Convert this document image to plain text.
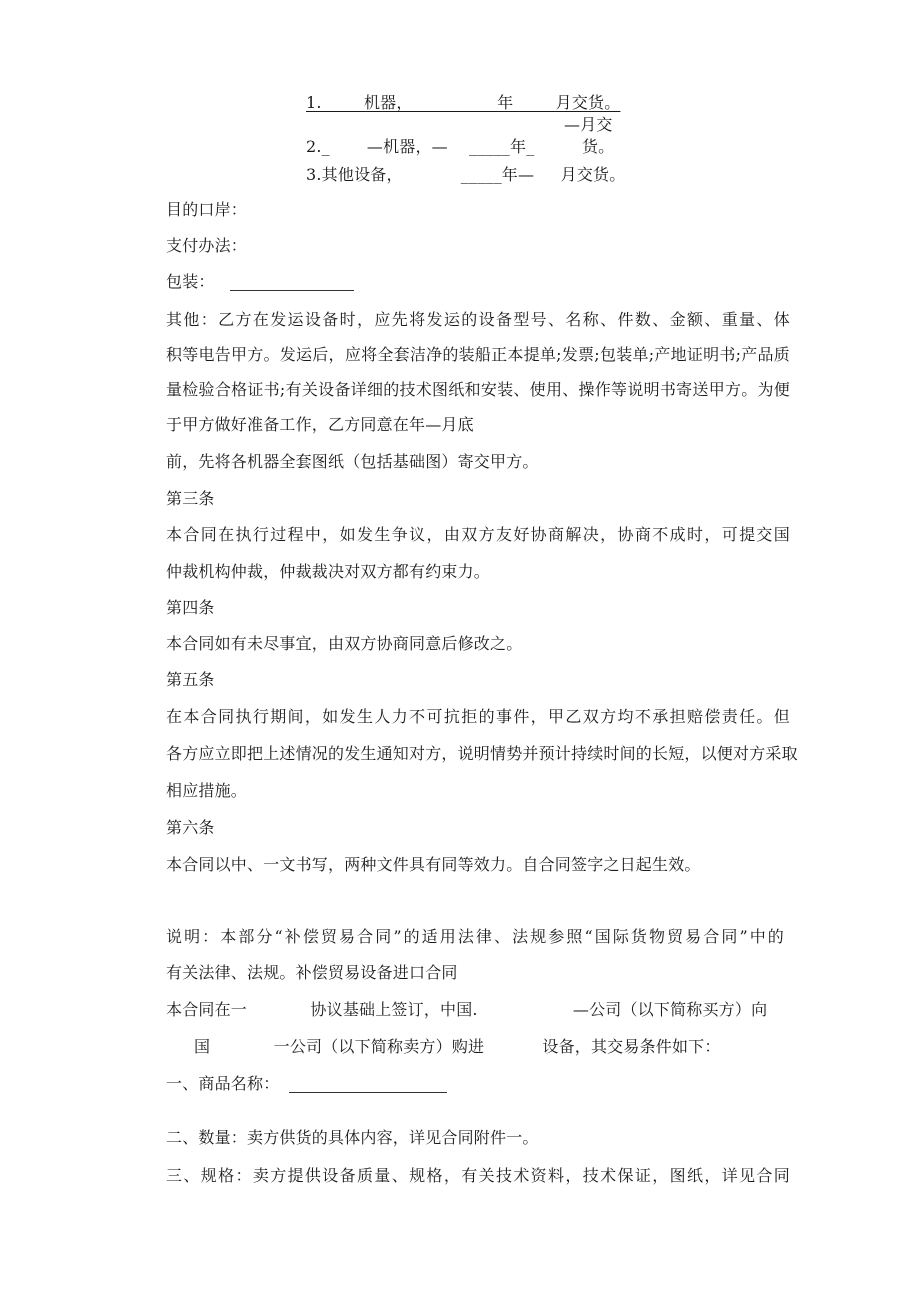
1.        机器，                年        月交货。
—月交
2._       —机器，—    _____年_         货。
3.其他设备，           _____年—     月交货。
目的口岸：
支付办法：
包装：
其他：乙方在发运设备时，应先将发运的设备型号、名称、件数、金额、重量、体
积等电告甲方。发运后，应将全套洁净的装船正本提单;发票;包装单;产地证明书;产品质
量检验合格证书;有关设备详细的技术图纸和安装、使用、操作等说明书寄送甲方。为便
于甲方做好准备工作，乙方同意在年—月底
前，先将各机器全套图纸（包括基础图）寄交甲方。
第三条
本合同在执行过程中，如发生争议，由双方友好协商解决，协商不成时，可提交国
仲裁机构仲裁，仲裁裁决对双方都有约束力。
第四条
本合同如有未尽事宜，由双方协商同意后修改之。
第五条
在本合同执行期间，如发生人力不可抗拒的事件，甲乙双方均不承担赔偿责任。但
各方应立即把上述情况的发生通知对方，说明情势并预计持续时间的长短，以便对方采取
相应措施。
第六条
本合同以中、一文书写，两种文件具有同等效力。自合同签字之日起生效。
说明：本部分“补偿贸易合同”的适用法律、法规参照“国际货物贸易合同”中的
有关法律、法规。补偿贸易设备进口合同
本合同在一            协议基础上签订，中国.                  —公司（以下简称买方）向
国            一公司（以下简称卖方）购进           设备，其交易条件如下：
一、商品名称：
二、数量：卖方供货的具体内容，详见合同附件一。
三、规格：卖方提供设备质量、规格，有关技术资料，技术保证，图纸，详见合同
